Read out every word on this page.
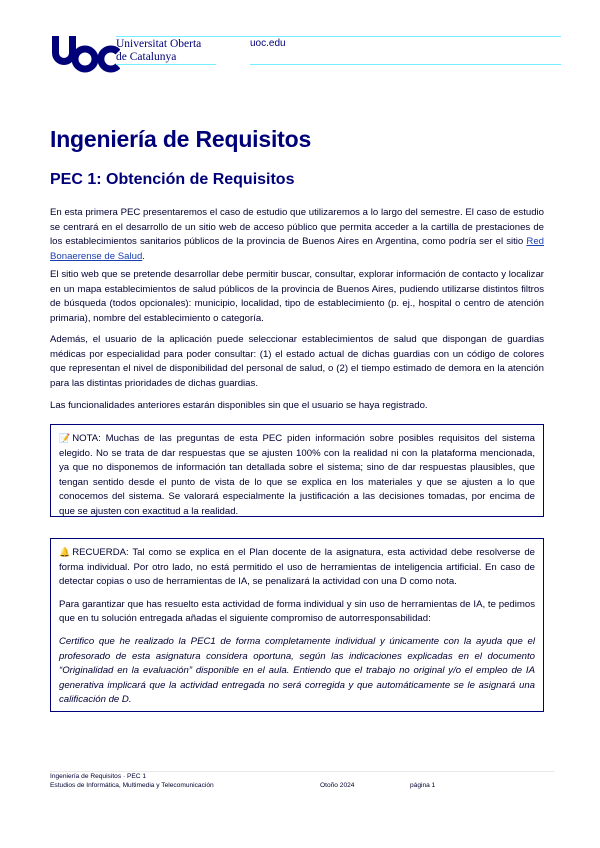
Universitat Oberta
de Catalunya
uoc.edu
Ingeniería de Requisitos
PEC 1: Obtención de Requisitos

En esta primera PEC presentaremos el caso de estudio que utilizaremos a lo largo del semestre. El caso de estudio se centrará en el desarrollo de un sitio web de acceso público que permita acceder a la cartilla de prestaciones de los establecimientos sanitarios públicos de la provincia de Buenos Aires en Argentina, como podría ser el sitio Red Bonaerense de Salud.

El sitio web que se pretende desarrollar debe permitir buscar, consultar, explorar información de contacto y localizar en un mapa establecimientos de salud públicos de la provincia de Buenos Aires, pudiendo utilizarse distintos filtros de búsqueda (todos opcionales): municipio, localidad, tipo de establecimiento (p. ej., hospital o centro de atención primaria), nombre del establecimiento o categoría.

Además, el usuario de la aplicación puede seleccionar establecimientos de salud que dispongan de guardias médicas por especialidad para poder consultar: (1) el estado actual de dichas guardias con un código de colores que representan el nivel de disponibilidad del personal de salud, o (2) el tiempo estimado de demora en la atención para las distintas prioridades de dichas guardias.

Las funcionalidades anteriores estarán disponibles sin que el usuario se haya registrado.

📝 NOTA: Muchas de las preguntas de esta PEC piden información sobre posibles requisitos del sistema elegido. No se trata de dar respuestas que se ajusten 100% con la realidad ni con la plataforma mencionada, ya que no disponemos de información tan detallada sobre el sistema; sino de dar respuestas plausibles, que tengan sentido desde el punto de vista de lo que se explica en los materiales y que se ajusten a lo que conocemos del sistema. Se valorará especialmente la justificación a las decisiones tomadas, por encima de que se ajusten con exactitud a la realidad.

🔔 RECUERDA: Tal como se explica en el Plan docente de la asignatura, esta actividad debe resolverse de forma individual. Por otro lado, no está permitido el uso de herramientas de inteligencia artificial. En caso de detectar copias o uso de herramientas de IA, se penalizará la actividad con una D como nota.

Para garantizar que has resuelto esta actividad de forma individual y sin uso de herramientas de IA, te pedimos que en tu solución entregada añadas el siguiente compromiso de autorresponsabilidad:

Certifico que he realizado la PEC1 de forma completamente individual y únicamente con la ayuda que el profesorado de esta asignatura considera oportuna, según las indicaciones explicadas en el documento “Originalidad en la evaluación” disponible en el aula. Entiendo que el trabajo no original y/o el empleo de IA generativa implicará que la actividad entregada no será corregida y que automáticamente se le asignará una calificación de D.

Ingeniería de Requisitos · PEC 1
Estudios de Informática, Multimedia y Telecomunicación	Otoño 2024	página 1
